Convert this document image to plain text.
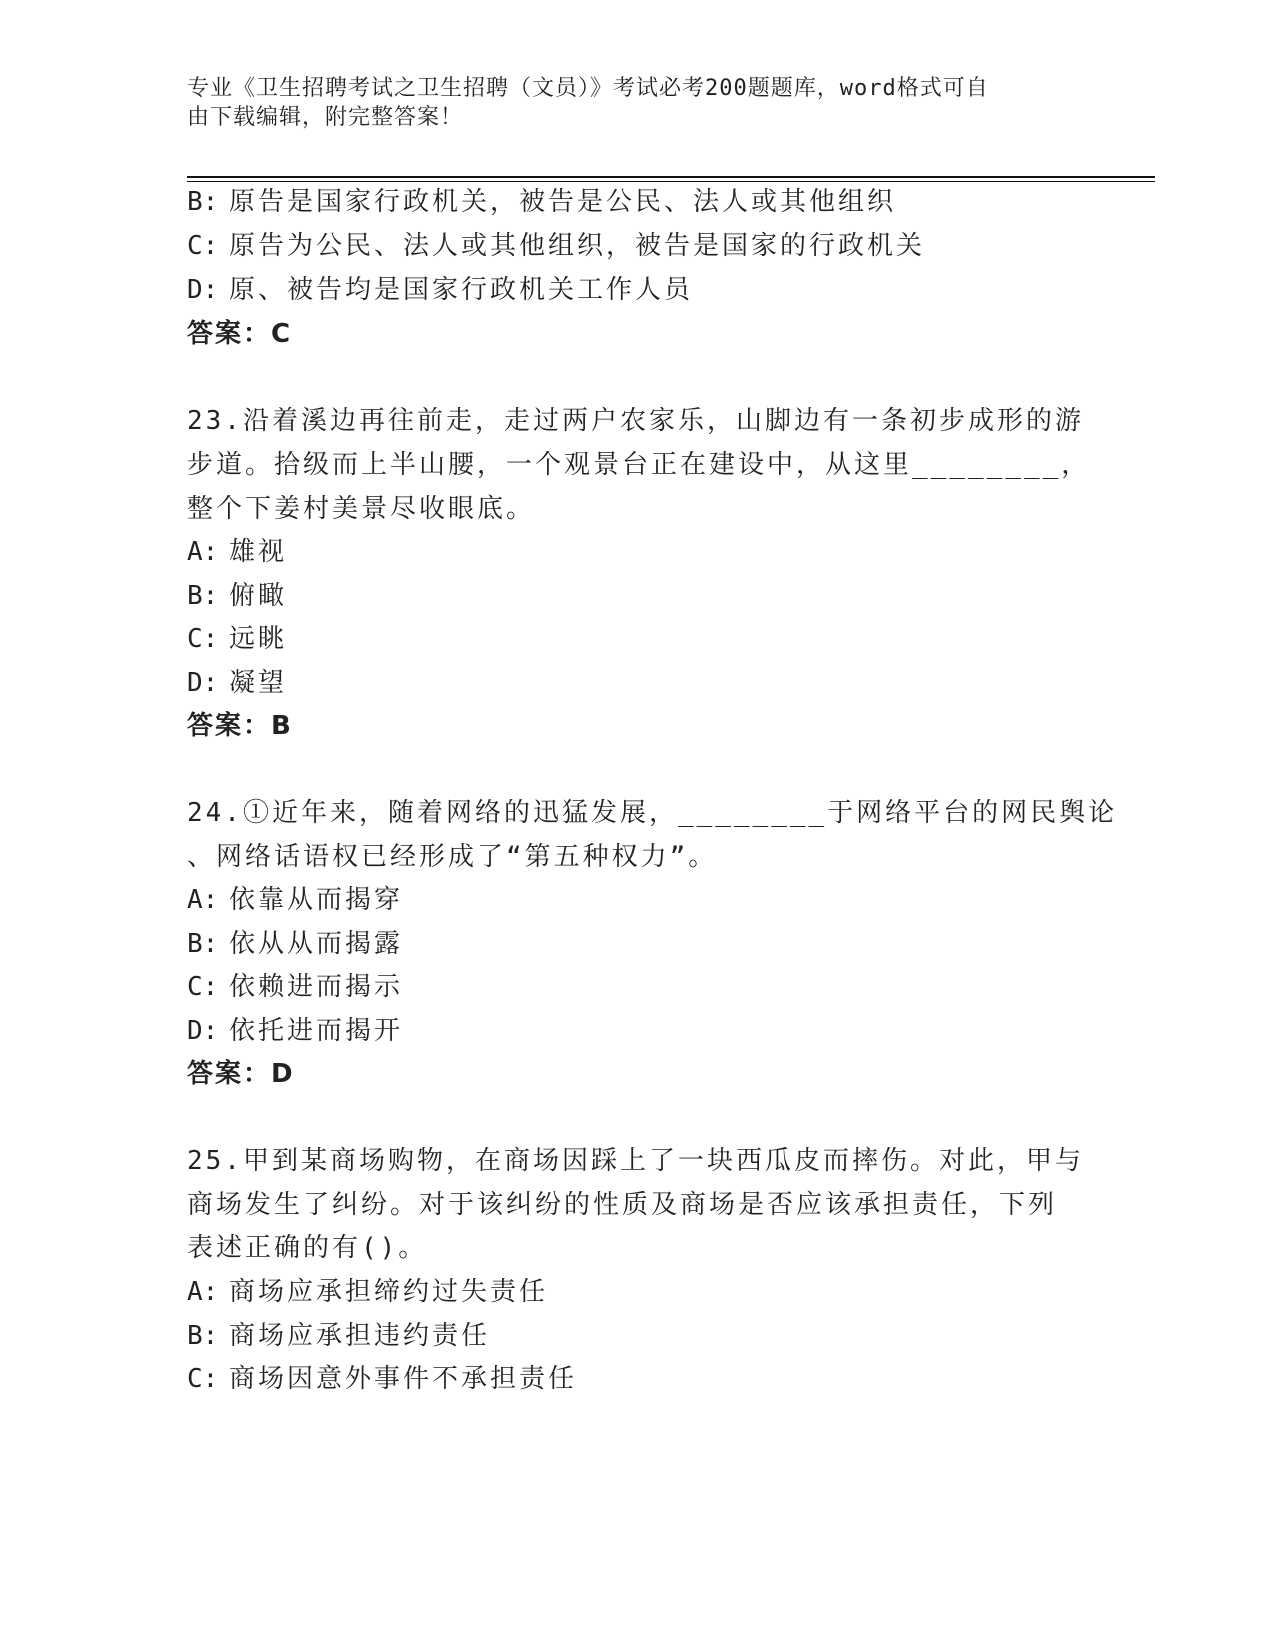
专业《卫生招聘考试之卫生招聘（文员）》考试必考200题题库，word格式可自
由下载编辑，附完整答案！
B: 原告是国家行政机关，被告是公民、法人或其他组织
C: 原告为公民、法人或其他组织，被告是国家的行政机关
D: 原、被告均是国家行政机关工作人员
答案：C
23.沿着溪边再往前走，走过两户农家乐，山脚边有一条初步成形的游
步道。拾级而上半山腰，一个观景台正在建设中，从这里________，
整个下姜村美景尽收眼底。
A: 雄视
B: 俯瞰
C: 远眺
D: 凝望
答案：B
24.①近年来，随着网络的迅猛发展，________于网络平台的网民舆论
、网络话语权已经形成了“第五种权力”。
A: 依靠从而揭穿
B: 依从从而揭露
C: 依赖进而揭示
D: 依托进而揭开
答案：D
25.甲到某商场购物，在商场因踩上了一块西瓜皮而摔伤。对此，甲与
商场发生了纠纷。对于该纠纷的性质及商场是否应该承担责任，下列
表述正确的有()。
A: 商场应承担缔约过失责任
B: 商场应承担违约责任
C: 商场因意外事件不承担责任
